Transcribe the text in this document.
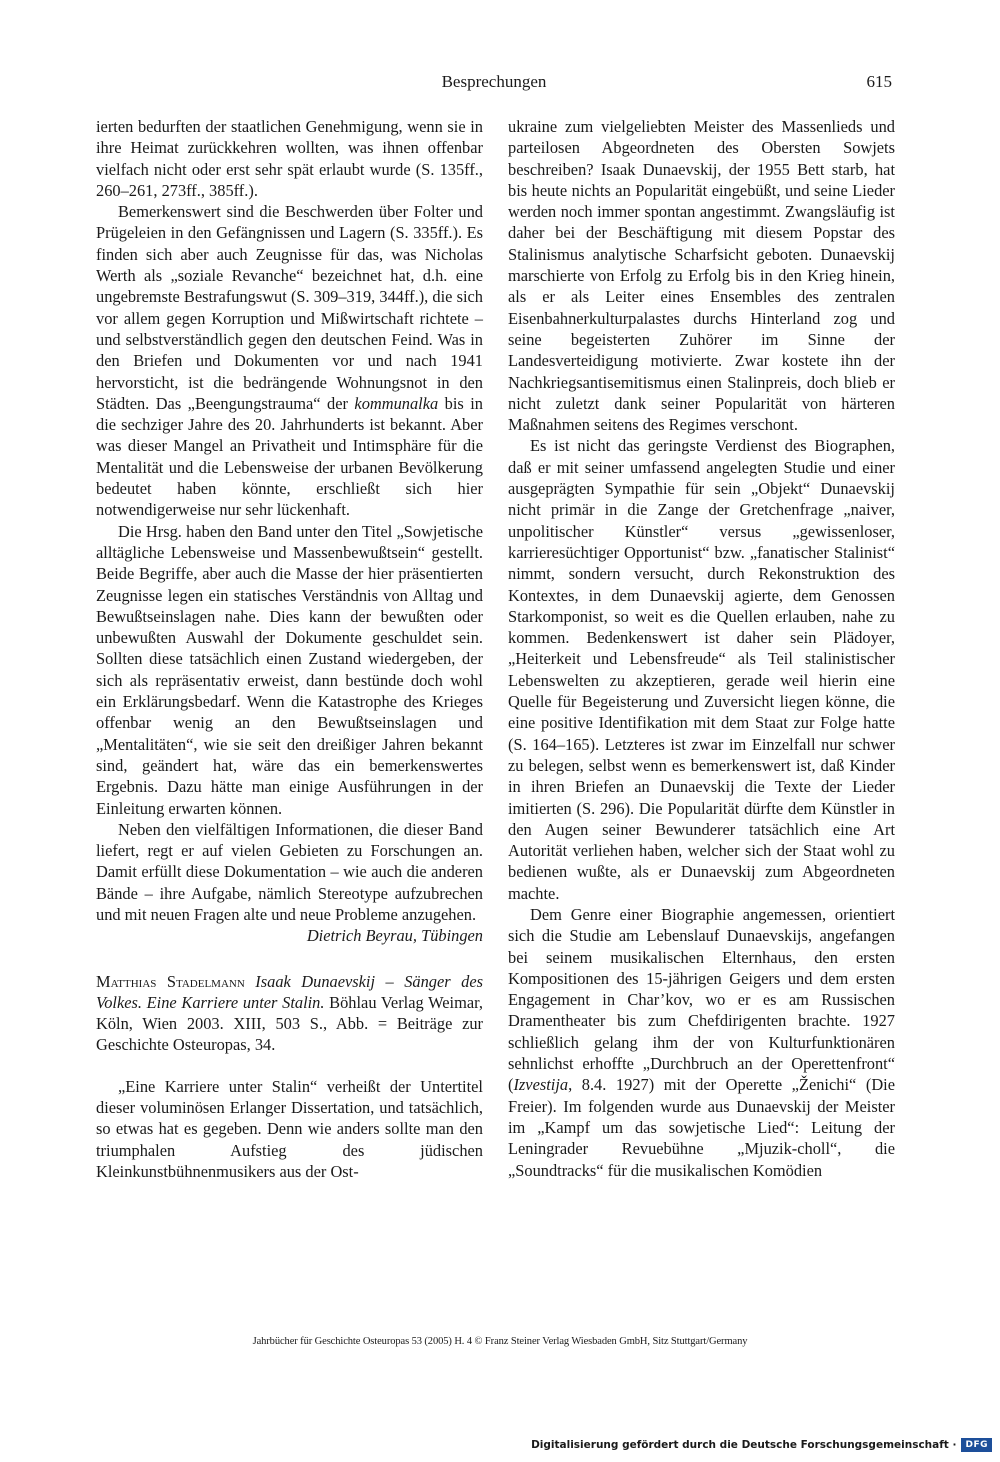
Besprechungen	615

ierten bedurften der staatlichen Genehmigung, wenn sie in ihre Heimat zurückkehren wollten, was ihnen offenbar vielfach nicht oder erst sehr spät erlaubt wurde (S. 135ff., 260–261, 273ff., 385ff.).

Bemerkenswert sind die Beschwerden über Folter und Prügeleien in den Gefängnissen und Lagern (S. 335ff.). Es finden sich aber auch Zeugnisse für das, was Nicholas Werth als „soziale Revanche“ bezeichnet hat, d.h. eine ungebremste Bestrafungswut (S. 309–319, 344ff.), die sich vor allem gegen Korruption und Mißwirtschaft richtete – und selbstverständlich gegen den deutschen Feind. Was in den Briefen und Dokumenten vor und nach 1941 hervorsticht, ist die bedrängende Wohnungsnot in den Städten. Das „Beengungstrauma“ der kommunalka bis in die sechziger Jahre des 20. Jahrhunderts ist bekannt. Aber was dieser Mangel an Privatheit und Intimsphäre für die Mentalität und die Lebensweise der urbanen Bevölkerung bedeutet haben könnte, erschließt sich hier notwendigerweise nur sehr lückenhaft.

Die Hrsg. haben den Band unter den Titel „Sowjetische alltägliche Lebensweise und Massenbewußtsein“ gestellt. Beide Begriffe, aber auch die Masse der hier präsentierten Zeugnisse legen ein statisches Verständnis von Alltag und Bewußtseinslagen nahe. Dies kann der bewußten oder unbewußten Auswahl der Dokumente geschuldet sein. Sollten diese tatsächlich einen Zustand wiedergeben, der sich als repräsentativ erweist, dann bestünde doch wohl ein Erklärungsbedarf. Wenn die Katastrophe des Krieges offenbar wenig an den Bewußtseinslagen und „Mentalitäten“, wie sie seit den dreißiger Jahren bekannt sind, geändert hat, wäre das ein bemerkenswertes Ergebnis. Dazu hätte man einige Ausführungen in der Einleitung erwarten können.

Neben den vielfältigen Informationen, die dieser Band liefert, regt er auf vielen Gebieten zu Forschungen an. Damit erfüllt diese Dokumentation – wie auch die anderen Bände – ihre Aufgabe, nämlich Stereotype aufzubrechen und mit neuen Fragen alte und neue Probleme anzugehen.

Dietrich Beyrau, Tübingen

Matthias Stadelmann Isaak Dunaevskij – Sänger des Volkes. Eine Karriere unter Stalin. Böhlau Verlag Weimar, Köln, Wien 2003. XIII, 503 S., Abb. = Beiträge zur Geschichte Osteuropas, 34.

„Eine Karriere unter Stalin“ verheißt der Untertitel dieser voluminösen Erlanger Dissertation, und tatsächlich, so etwas hat es gegeben. Denn wie anders sollte man den triumphalen Aufstieg des jüdischen Kleinkunstbühnenmusikers aus der Ost-

ukraine zum vielgeliebten Meister des Massenlieds und parteilosen Abgeordneten des Obersten Sowjets beschreiben? Isaak Dunaevskij, der 1955 Bett starb, hat bis heute nichts an Popularität eingebüßt, und seine Lieder werden noch immer spontan angestimmt. Zwangsläufig ist daher bei der Beschäftigung mit diesem Popstar des Stalinismus analytische Scharfsicht geboten. Dunaevskij marschierte von Erfolg zu Erfolg bis in den Krieg hinein, als er als Leiter eines Ensembles des zentralen Eisenbahnerkulturpalastes durchs Hinterland zog und seine begeisterten Zuhörer im Sinne der Landesverteidigung motivierte. Zwar kostete ihn der Nachkriegsantisemitismus einen Stalinpreis, doch blieb er nicht zuletzt dank seiner Popularität von härteren Maßnahmen seitens des Regimes verschont.

Es ist nicht das geringste Verdienst des Biographen, daß er mit seiner umfassend angelegten Studie und einer ausgeprägten Sympathie für sein „Objekt“ Dunaevskij nicht primär in die Zange der Gretchenfrage „naiver, unpolitischer Künstler“ versus „gewissenloser, karrieresüchtiger Opportunist“ bzw. „fanatischer Stalinist“ nimmt, sondern versucht, durch Rekonstruktion des Kontextes, in dem Dunaevskij agierte, dem Genossen Starkomponist, so weit es die Quellen erlauben, nahe zu kommen. Bedenkenswert ist daher sein Plädoyer, „Heiterkeit und Lebensfreude“ als Teil stalinistischer Lebenswelten zu akzeptieren, gerade weil hierin eine Quelle für Begeisterung und Zuversicht liegen könne, die eine positive Identifikation mit dem Staat zur Folge hatte (S. 164–165). Letzteres ist zwar im Einzelfall nur schwer zu belegen, selbst wenn es bemerkenswert ist, daß Kinder in ihren Briefen an Dunaevskij die Texte der Lieder imitierten (S. 296). Die Popularität dürfte dem Künstler in den Augen seiner Bewunderer tatsächlich eine Art Autorität verliehen haben, welcher sich der Staat wohl zu bedienen wußte, als er Dunaevskij zum Abgeordneten machte.

Dem Genre einer Biographie angemessen, orientiert sich die Studie am Lebenslauf Dunaevskijs, angefangen bei seinem musikalischen Elternhaus, den ersten Kompositionen des 15-jährigen Geigers und dem ersten Engagement in Char’kov, wo er es am Russischen Dramentheater bis zum Chefdirigenten brachte. 1927 schließlich gelang ihm der von Kulturfunktionären sehnlichst erhoffte „Durchbruch an der Operettenfront“ (Izvestija, 8.4. 1927) mit der Operette „Ženichi“ (Die Freier). Im folgenden wurde aus Dunaevskij der Meister im „Kampf um das sowjetische Lied“: Leitung der Leningrader Revuebühne „Mjuzik-choll“, die „Soundtracks“ für die musikalischen Komödien

Jahrbücher für Geschichte Osteuropas 53 (2005) H. 4 © Franz Steiner Verlag Wiesbaden GmbH, Sitz Stuttgart/Germany
Digitalisierung gefördert durch die Deutsche Forschungsgemeinschaft ·	DFG
